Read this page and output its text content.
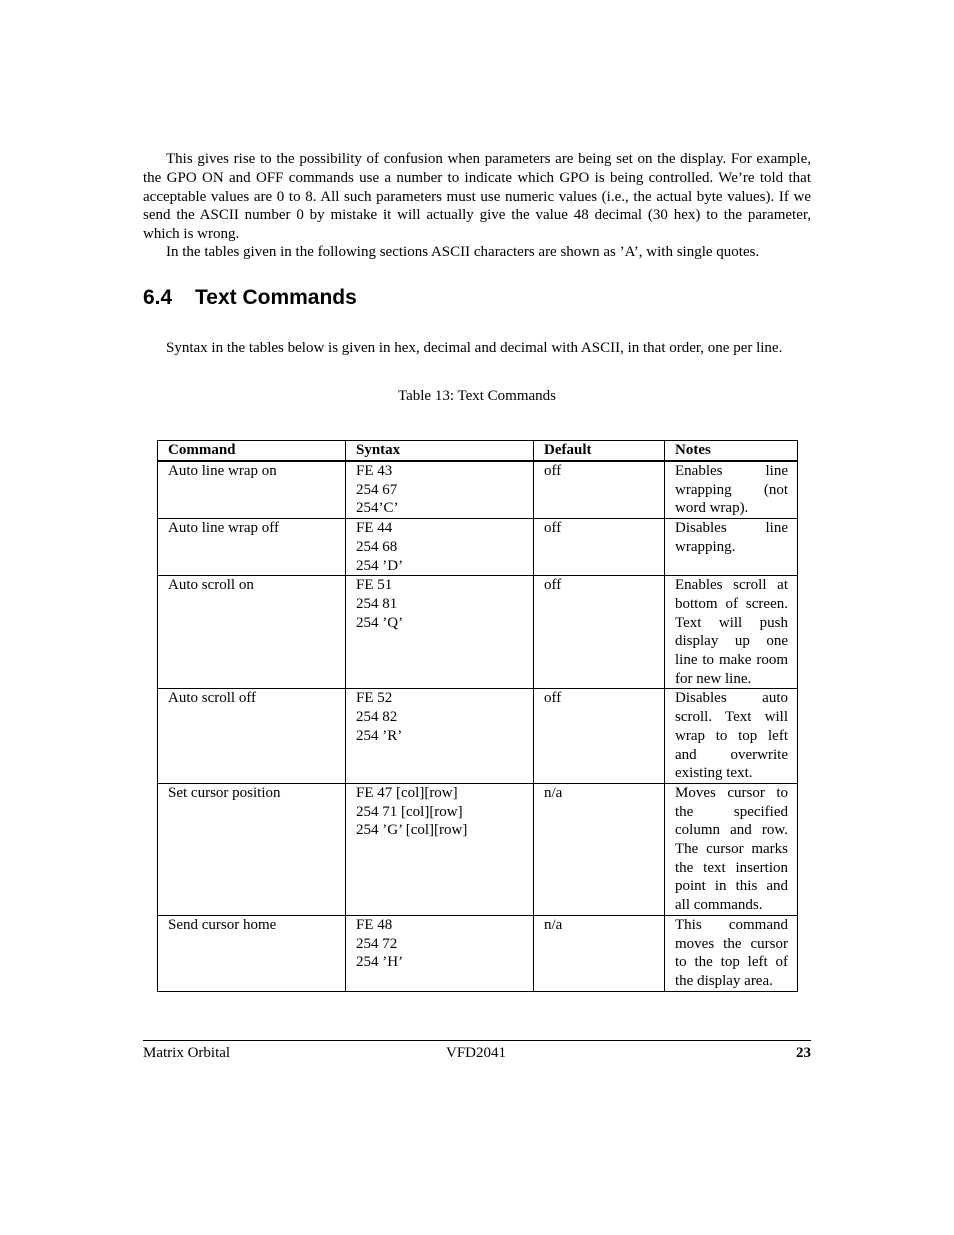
This gives rise to the possibility of confusion when parameters are being set on the display. For example, the GPO ON and OFF commands use a number to indicate which GPO is being controlled. We’re told that acceptable values are 0 to 8. All such parameters must use numeric values (i.e., the actual byte values). If we send the ASCII number 0 by mistake it will actually give the value 48 decimal (30 hex) to the parameter, which is wrong.

In the tables given in the following sections ASCII characters are shown as ’A’, with single quotes.

6.4 Text Commands

Syntax in the tables below is given in hex, decimal and decimal with ASCII, in that order, one per line.

Table 13: Text Commands
Command	Syntax	Default	Notes
Auto line wrap on	FE 43
254 67
254’C’	off	Enables line wrapping (not word wrap).
Auto line wrap off	FE 44
254 68
254 ’D’	off	Disables line wrapping.
Auto scroll on	FE 51
254 81
254 ’Q’	off	Enables scroll at bottom of screen. Text will push display up one line to make room for new line.
Auto scroll off	FE 52
254 82
254 ’R’	off	Disables auto scroll. Text will wrap to top left and overwrite existing text.
Set cursor position	FE 47 [col][row]
254 71 [col][row]
254 ’G’ [col][row]	n/a	Moves cursor to the specified column and row. The cursor marks the text insertion point in this and all commands.
Send cursor home	FE 48
254 72
254 ’H’	n/a	This command moves the cursor to the top left of the display area.
Matrix Orbital	VFD2041	23
